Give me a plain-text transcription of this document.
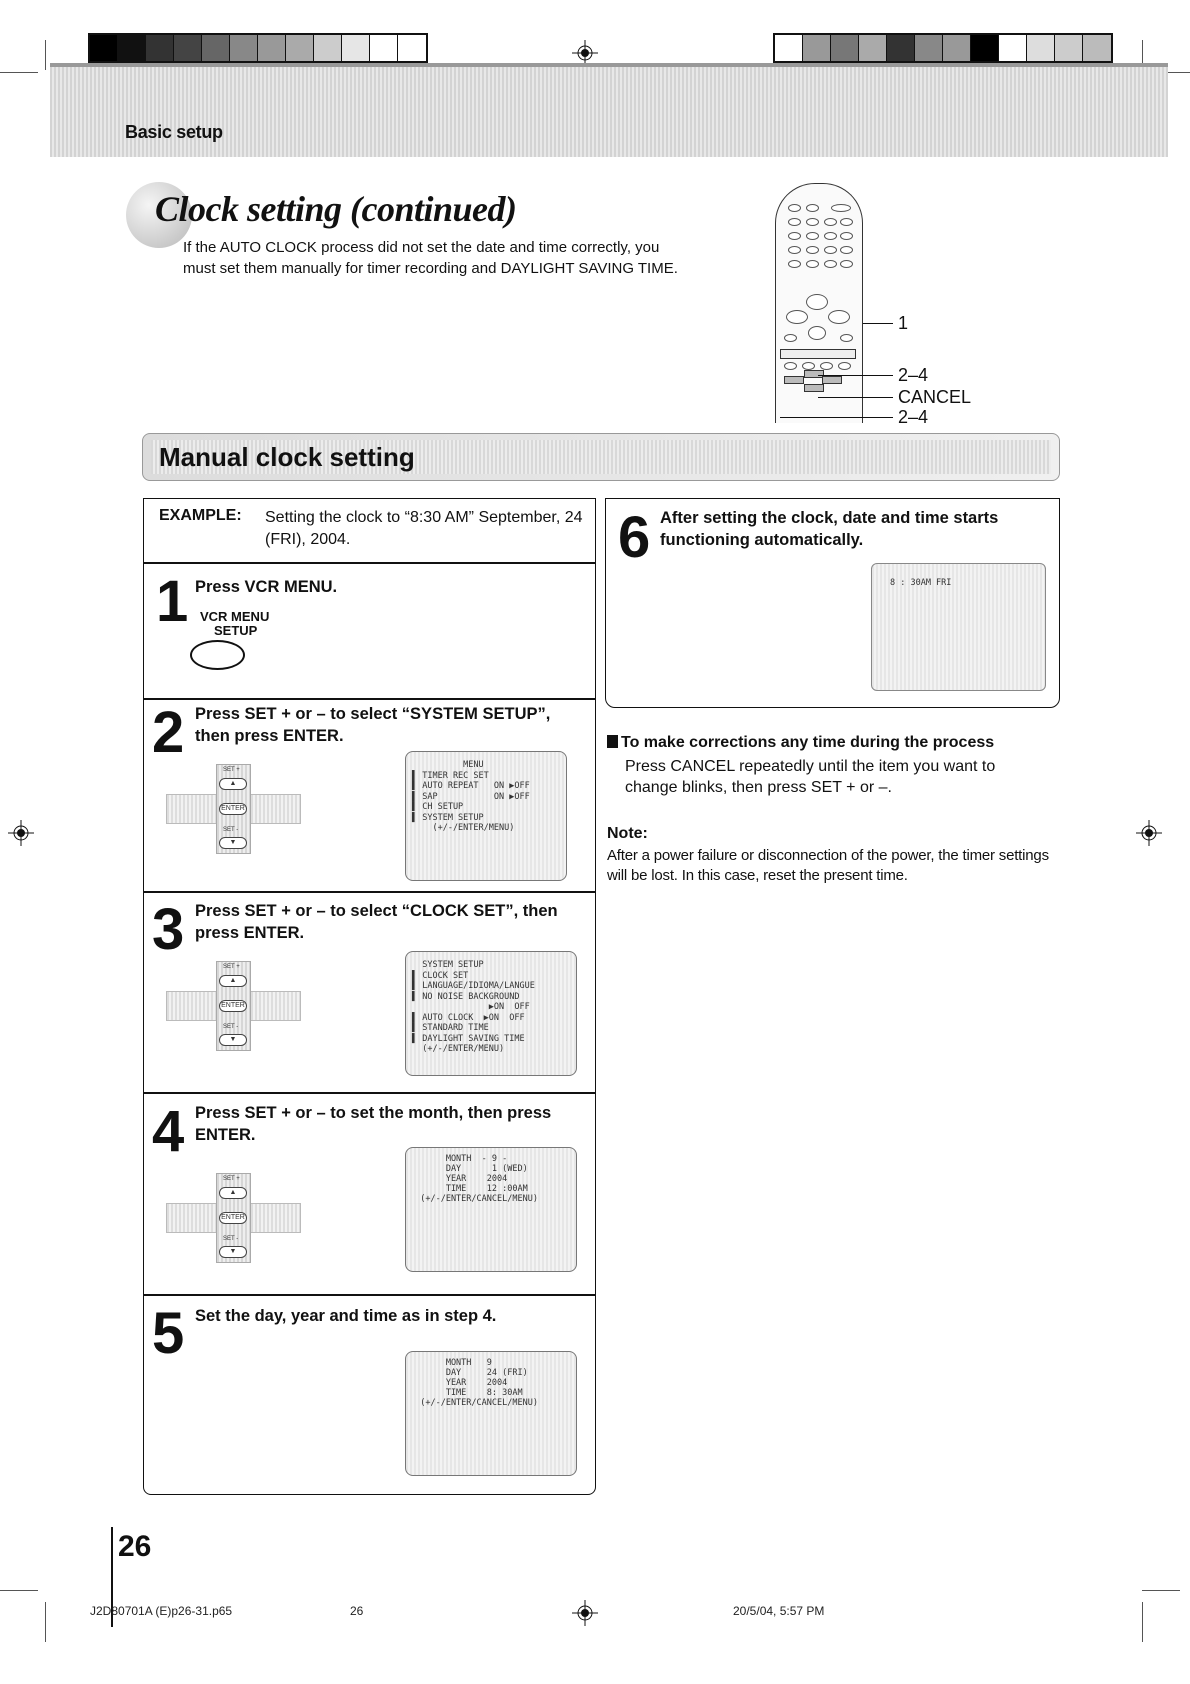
Basic setup
Clock setting (continued)
If the AUTO CLOCK process did not set the date and time correctly, you must set them manually for timer recording and DAYLIGHT SAVING TIME.
1
2–4
CANCEL
2–4
Manual clock setting
EXAMPLE: Setting the clock to “8:30 AM” September, 24 (FRI), 2004.
1 Press VCR MENU.
VCR MENU
SETUP
2 Press SET + or – to select “SYSTEM SETUP”, then press ENTER.
SET +
▲
ENTER
SET -
▼
MENU
▌ TIMER REC SET
▌ AUTO REPEAT   ON ▶OFF
▌ SAP           ON ▶OFF
▌ CH SETUP
▌ SYSTEM SETUP
(+/-/ENTER/MENU)
3 Press SET + or – to select “CLOCK SET”, then press ENTER.
SET +
▲
ENTER
SET -
▼
SYSTEM SETUP
▌ CLOCK SET
▌ LANGUAGE/IDIOMA/LANGUE
▌ NO NOISE BACKGROUND
▶ON  OFF
▌ AUTO CLOCK  ▶ON  OFF
▌ STANDARD TIME
▌ DAYLIGHT SAVING TIME
(+/-/ENTER/MENU)
4 Press SET + or – to set the month, then press ENTER.
SET +
▲
ENTER
SET -
▼
MONTH  - 9 -
DAY      1 (WED)
YEAR    2004
TIME    12 :00AM
(+/-/ENTER/CANCEL/MENU)
5 Set the day, year and time as in step 4.
MONTH   9
DAY     24 (FRI)
YEAR    2004
TIME    8: 30AM
(+/-/ENTER/CANCEL/MENU)
6 After setting the clock, date and time starts functioning automatically.
8 : 30AM FRI
To make corrections any time during the process
Press CANCEL repeatedly until the item you want to change blinks, then press SET + or –.
Note:
After a power failure or disconnection of the power, the timer settings will be lost. In this case, reset the present time.
26
J2D80701A (E)p26-31.p65	26	20/5/04, 5:57 PM
